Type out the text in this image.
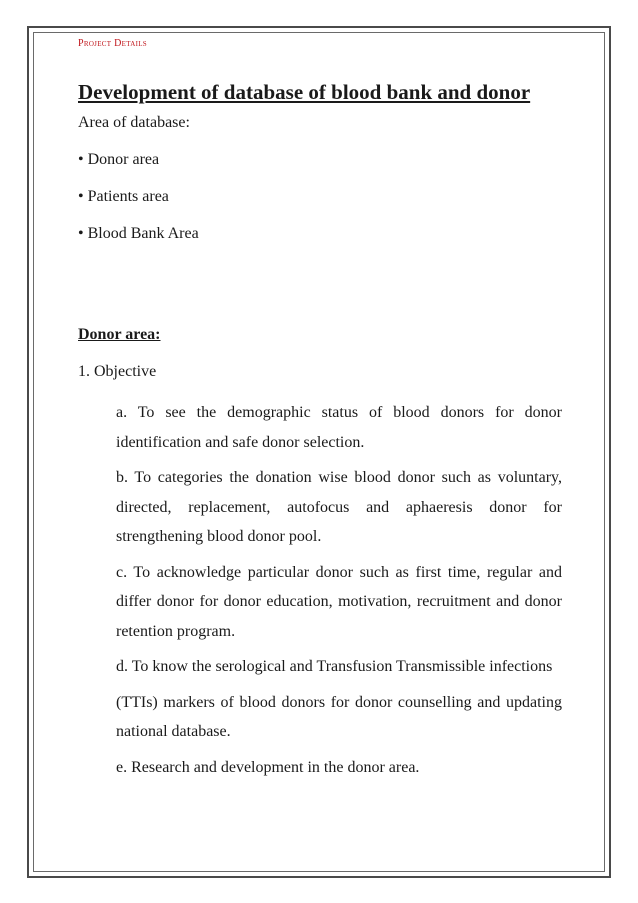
Project Details
Development of database of blood bank and donor
Area of database:
• Donor area
• Patients area
• Blood Bank Area
Donor area:
1. Objective

a. To see the demographic status of blood donors for donor identification and safe donor selection.

b. To categories the donation wise blood donor such as voluntary, directed, replacement, autofocus and aphaeresis donor for strengthening blood donor pool.

c. To acknowledge particular donor such as first time, regular and differ donor for donor education, motivation, recruitment and donor retention program.

d. To know the serological and Transfusion Transmissible infections

(TTIs) markers of blood donors for donor counselling and updating national database.

e. Research and development in the donor area.
